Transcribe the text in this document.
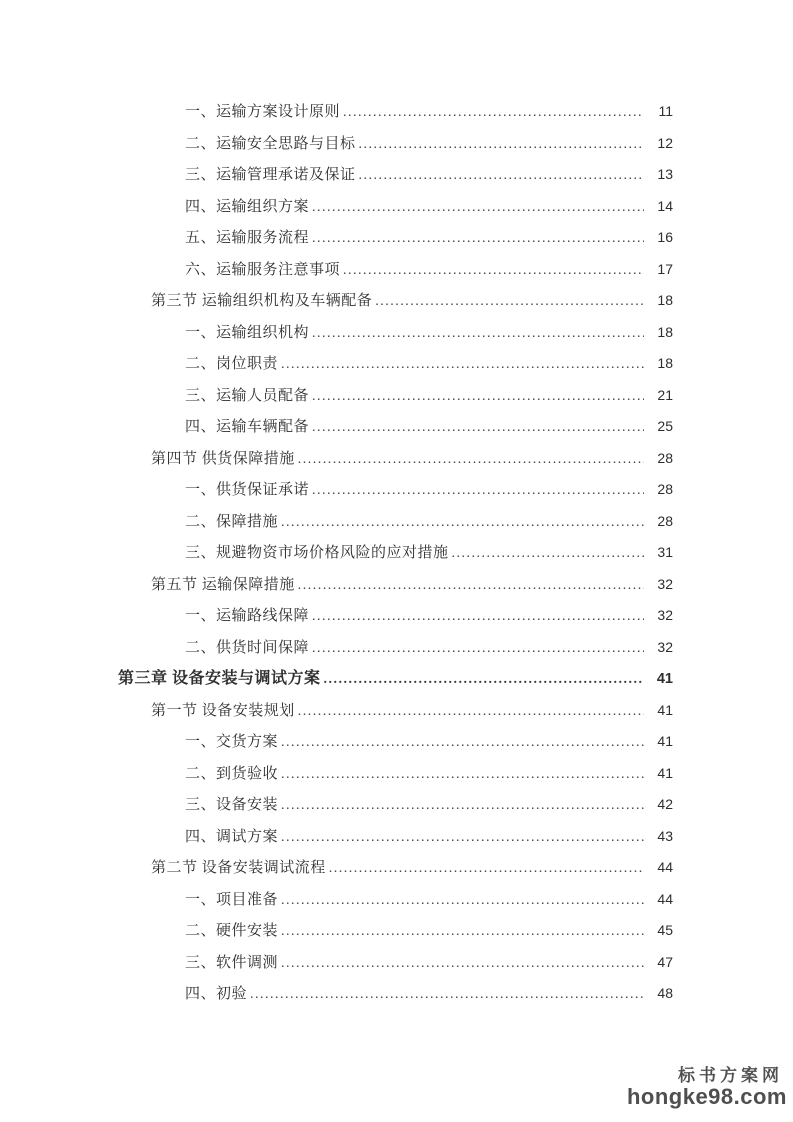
一、运输方案设计原则 .....	11
二、运输安全思路与目标 .....	12
三、运输管理承诺及保证 .....	13
四、运输组织方案 .....	14
五、运输服务流程 .....	16
六、运输服务注意事项 .....	17
第三节 运输组织机构及车辆配备 .....	18
一、运输组织机构 .....	18
二、岗位职责 .....	18
三、运输人员配备 .....	21
四、运输车辆配备 .....	25
第四节 供货保障措施 .....	28
一、供货保证承诺 .....	28
二、保障措施 .....	28
三、规避物资市场价格风险的应对措施 .....	31
第五节 运输保障措施 .....	32
一、运输路线保障 .....	32
二、供货时间保障 .....	32
第三章 设备安装与调试方案 .....	41
第一节 设备安装规划 .....	41
一、交货方案 .....	41
二、到货验收 .....	41
三、设备安装 .....	42
四、调试方案 .....	43
第二节 设备安装调试流程 .....	44
一、项目准备 .....	44
二、硬件安装 .....	45
三、软件调测 .....	47
四、初验 .....	48
标书方案网
hongke98.com
